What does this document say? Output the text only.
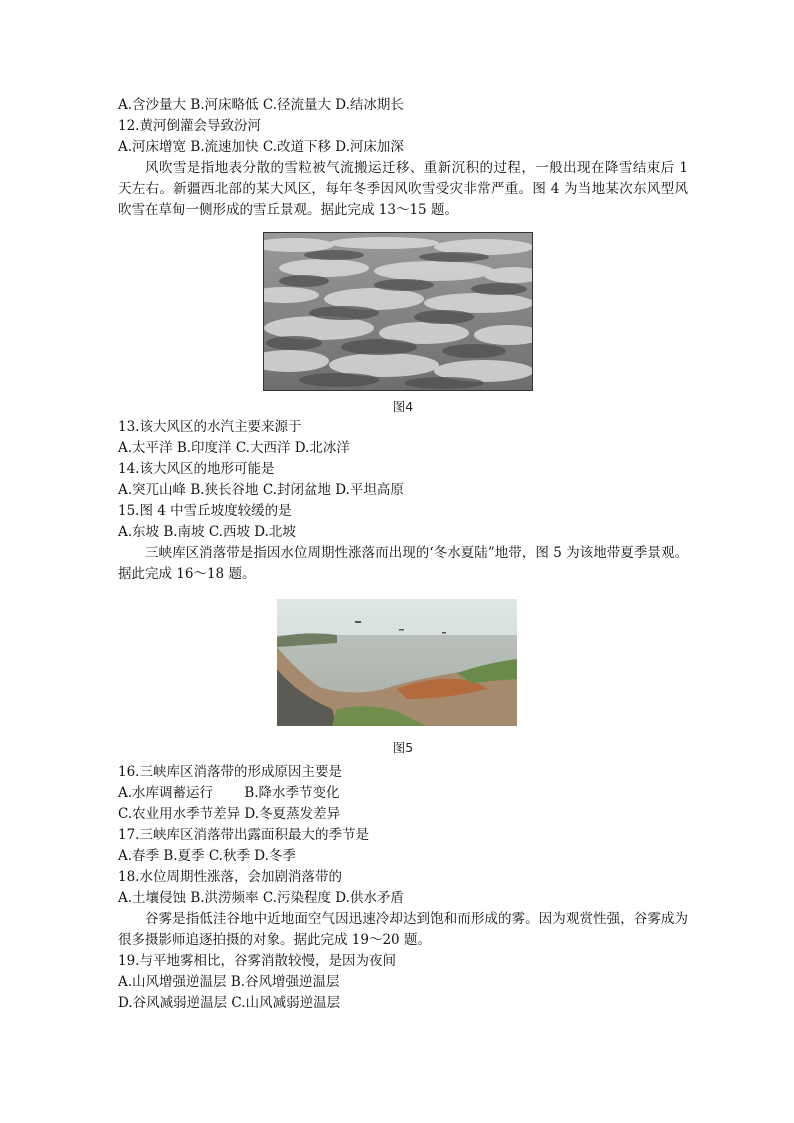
A.含沙量大 B.河床略低 C.径流量大 D.结冰期长

12.黄河倒灌会导致汾河

A.河床增宽 B.流速加快 C.改道下移 D.河床加深

风吹雪是指地表分散的雪粒被气流搬运迁移、重新沉积的过程，一般出现在降雪结束后 1 天左右。新疆西北部的某大风区，每年冬季因风吹雪受灾非常严重。图 4 为当地某次东风型风吹雪在草甸一侧形成的雪丘景观。据此完成 13～15 题。

图4

13.该大风区的水汽主要来源于

A.太平洋 B.印度洋 C.大西洋 D.北冰洋

14.该大风区的地形可能是

A.突兀山峰 B.狭长谷地 C.封闭盆地 D.平坦高原

15.图 4 中雪丘坡度较缓的是

A.东坡 B.南坡 C.西坡 D.北坡

三峡库区消落带是指因水位周期性涨落而出现的‘冬水夏陆”地带，图 5 为该地带夏季景观。据此完成 16～18 题。

图5

16.三峡库区消落带的形成原因主要是

A.水库调蓄运行　　 B.降水季节变化

C.农业用水季节差异 D.冬夏蒸发差异

17.三峡库区消落带出露面积最大的季节是

A.春季 B.夏季 C.秋季 D.冬季

18.水位周期性涨落，会加剧消落带的

A.土壤侵蚀 B.洪涝频率 C.污染程度 D.供水矛盾

谷雾是指低洼谷地中近地面空气因迅速冷却达到饱和而形成的雾。因为观赏性强，谷雾成为很多摄影师追逐拍摄的对象。据此完成 19～20 题。

19.与平地雾相比，谷雾消散较慢，是因为夜间

A.山风增强逆温层 B.谷风增强逆温层

D.谷风减弱逆温层 C.山风减弱逆温层
